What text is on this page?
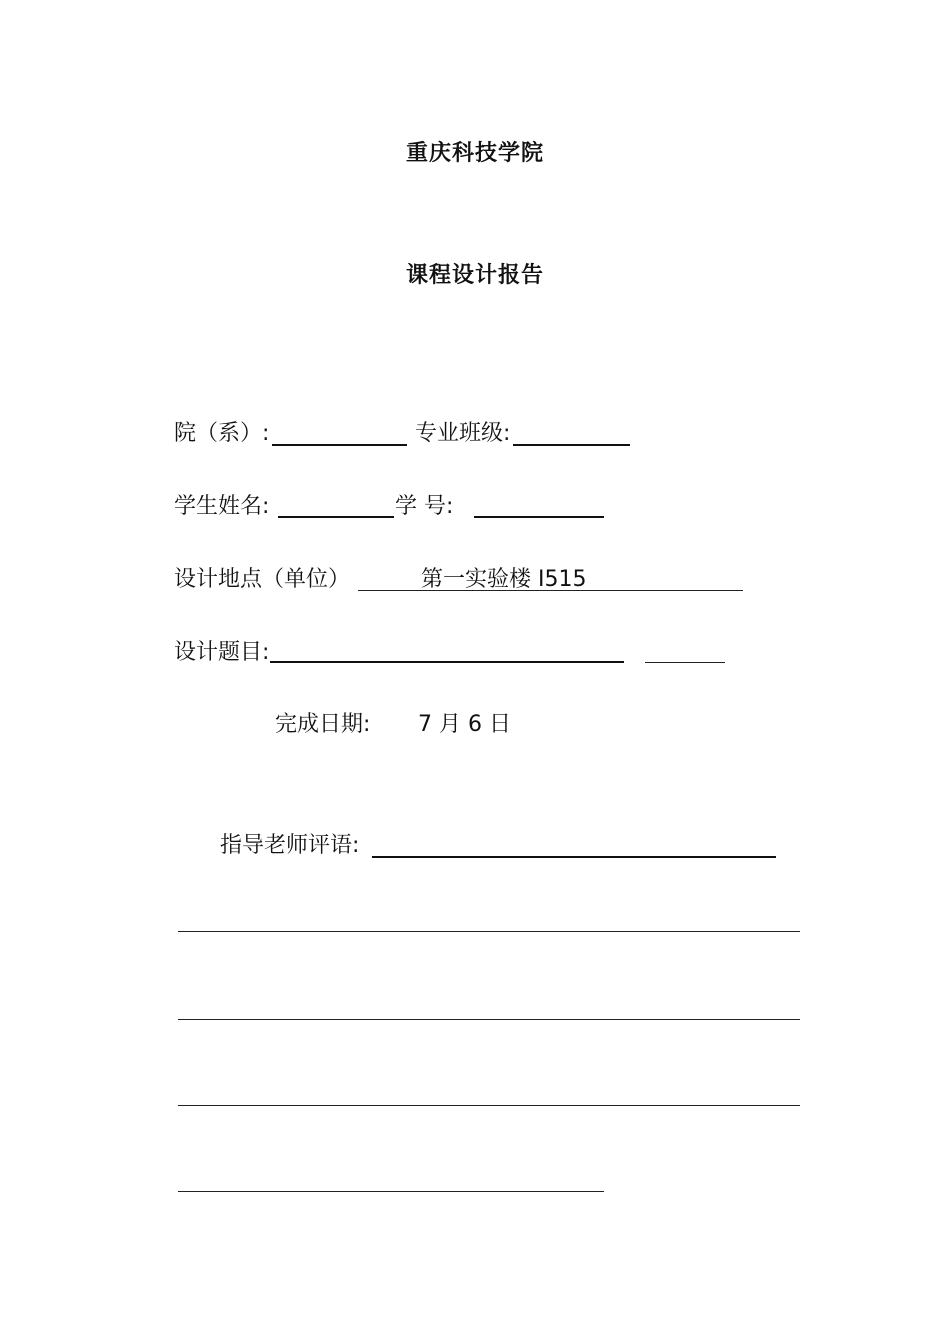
重庆科技学院
课程设计报告
院（系）:	专业班级:
学生姓名:	学 号:
设计地点（单位）	第一实验楼 I515
设计题目:
完成日期: 7 月 6 日
指导老师评语:
